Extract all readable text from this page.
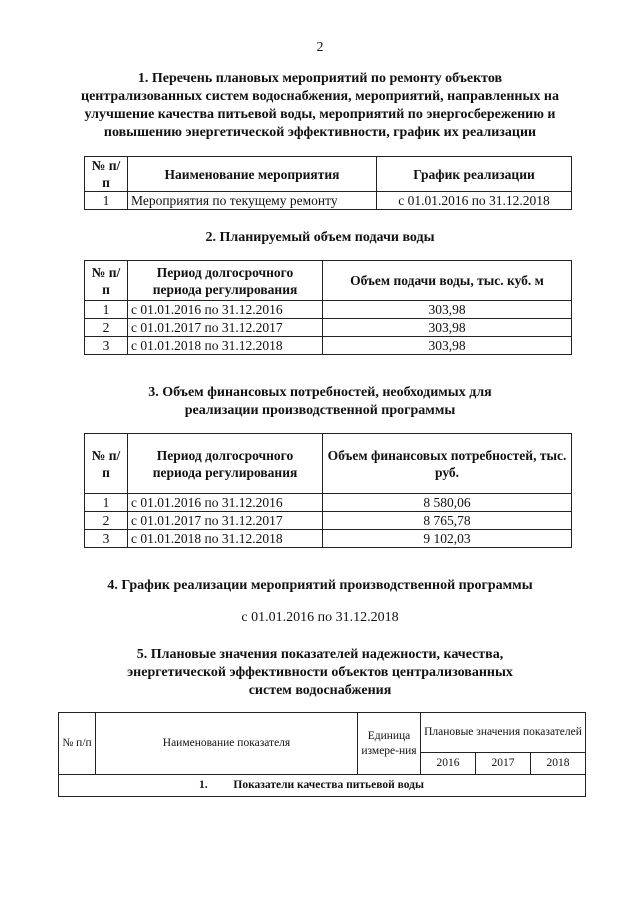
2
1. Перечень плановых мероприятий по ремонту объектов
централизованных систем водоснабжения, мероприятий, направленных на
улучшение качества питьевой воды, мероприятий по энергосбережению и
повышению энергетической эффективности, график их реализации
№ п/п	Наименование мероприятия	График реализации
1	Мероприятия по текущему ремонту	с 01.01.2016 по 31.12.2018
2. Планируемый объем подачи воды
№ п/п	Период долгосрочного периода регулирования	Объем подачи воды, тыс. куб. м
1	с 01.01.2016 по 31.12.2016	303,98
2	с 01.01.2017 по 31.12.2017	303,98
3	с 01.01.2018 по 31.12.2018	303,98
3. Объем финансовых потребностей, необходимых для
реализации производственной программы
№ п/п	Период долгосрочного периода регулирования	Объем финансовых потребностей, тыс. руб.
1	с 01.01.2016 по 31.12.2016	8 580,06
2	с 01.01.2017 по 31.12.2017	8 765,78
3	с 01.01.2018 по 31.12.2018	9 102,03
4. График реализации мероприятий производственной программы
с 01.01.2016 по 31.12.2018
5. Плановые значения показателей надежности, качества,
энергетической эффективности объектов централизованных
систем водоснабжения
№ п/п	Наименование показателя	Единица измере-ния	Плановые значения показателей		
			2016	2017	2018
1. Показатели качества питьевой воды					
